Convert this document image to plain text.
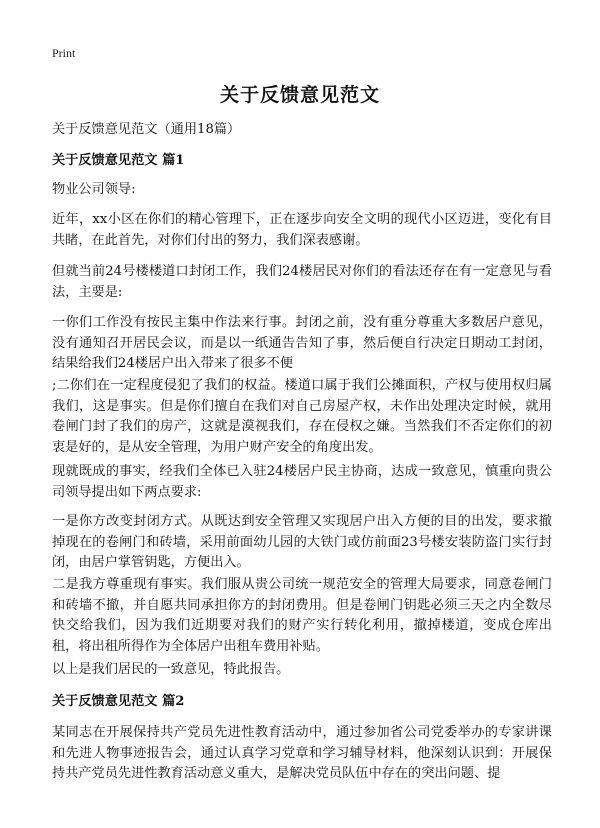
Print
关于反馈意见范文

关于反馈意见范文（通用18篇）

关于反馈意见范文 篇1

物业公司领导:

近年，xx小区在你们的精心管理下，正在逐步向安全文明的现代小区迈进，变化有目共睹，在此首先，对你们付出的努力，我们深表感谢。

但就当前24号楼楼道口封闭工作，我们24楼居民对你们的看法还存在有一定意见与看法，主要是:

一你们工作没有按民主集中作法来行事。封闭之前，没有重分尊重大多数居户意见，没有通知召开居民会议，而是以一纸通告告知了事，然后便自行决定日期动工封闭，结果给我们24楼居户出入带来了很多不便

;二你们在一定程度侵犯了我们的权益。楼道口属于我们公摊面积，产权与使用权归属我们，这是事实。但是你们擅自在我们对自己房屋产权，未作出处理决定时候，就用卷闸门封了我们的房产，这就是漠视我们，存在侵权之嫌。当然我们不否定你们的初衷是好的，是从安全管理，为用户财产安全的角度出发。

现就既成的事实，经我们全体已入驻24楼居户民主协商，达成一致意见，慎重向贵公司领导提出如下两点要求:

一是你方改变封闭方式。从既达到安全管理又实现居户出入方便的目的出发，要求撤掉现在的卷闸门和砖墙，采用前面幼儿园的大铁门或仿前面23号楼安装防盗门实行封闭，由居户掌管钥匙，方便出入。

二是我方尊重现有事实。我们服从贵公司统一规范安全的管理大局要求，同意卷闸门和砖墙不撤，并自愿共同承担你方的封闭费用。但是卷闸门钥匙必须三天之内全数尽快交给我们，因为我们近期要对我们的财产实行转化利用，撤掉楼道，变成仓库出租，将出租所得作为全体居户出租车费用补贴。

以上是我们居民的一致意见，特此报告。

关于反馈意见范文 篇2

某同志在开展保持共产党员先进性教育活动中，通过参加省公司党委举办的专家讲课和先进人物事迹报告会，通过认真学习党章和学习辅导材料，他深刻认识到：开展保持共产党员先进性教育活动意义重大，是解决党员队伍中存在的突出问题、提
